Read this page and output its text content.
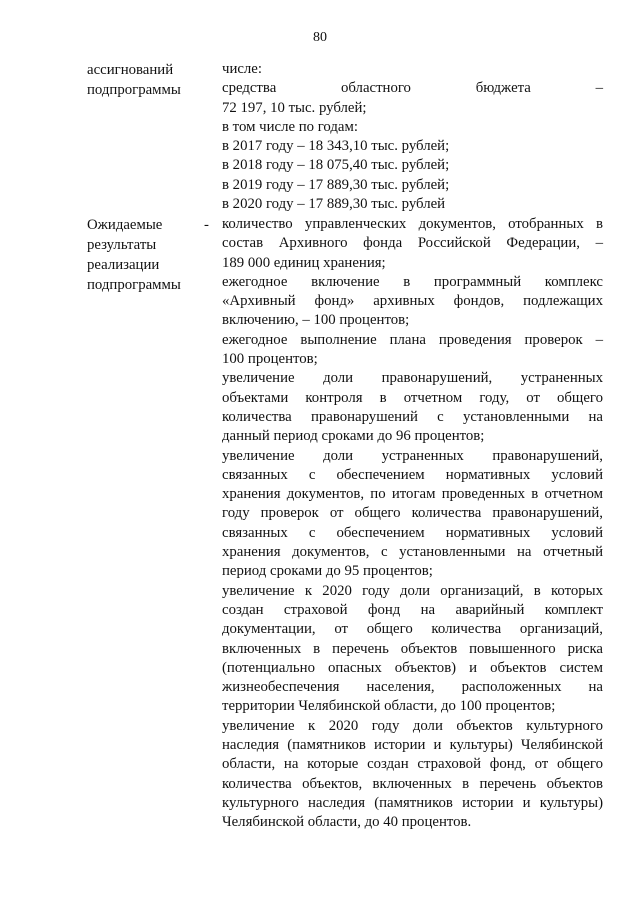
80
ассигнований
подпрограммы
числе:
средства областного бюджета –
72 197, 10 тыс. рублей;
в том числе по годам:
в 2017 году – 18 343,10 тыс. рублей;
в 2018 году – 18 075,40 тыс. рублей;
в 2019 году – 17 889,30 тыс. рублей;
в 2020 году – 17 889,30 тыс. рублей
Ожидаемые
результаты
реализации
подпрограммы
- количество управленческих документов, отобранных в
состав Архивного фонда Российской Федерации, –
189 000 единиц хранения;
ежегодное включение в программный комплекс
«Архивный фонд» архивных фондов, подлежащих
включению, – 100 процентов;
ежегодное выполнение плана проведения проверок –
100 процентов;
увеличение доли правонарушений, устраненных
объектами контроля в отчетном году, от общего
количества правонарушений с установленными на
данный период сроками до 96 процентов;
увеличение доли устраненных правонарушений,
связанных с обеспечением нормативных условий
хранения документов, по итогам проведенных в отчетном
году проверок от общего количества правонарушений,
связанных с обеспечением нормативных условий
хранения документов, с установленными на отчетный
период сроками до 95 процентов;
увеличение к 2020 году доли организаций, в которых
создан страховой фонд на аварийный комплект
документации, от общего количества организаций,
включенных в перечень объектов повышенного риска
(потенциально опасных объектов) и объектов систем
жизнеобеспечения населения, расположенных на
территории Челябинской области, до 100 процентов;
увеличение к 2020 году доли объектов культурного
наследия (памятников истории и культуры) Челябинской
области, на которые создан страховой фонд, от общего
количества объектов, включенных в перечень объектов
культурного наследия (памятников истории и культуры)
Челябинской области, до 40 процентов.
